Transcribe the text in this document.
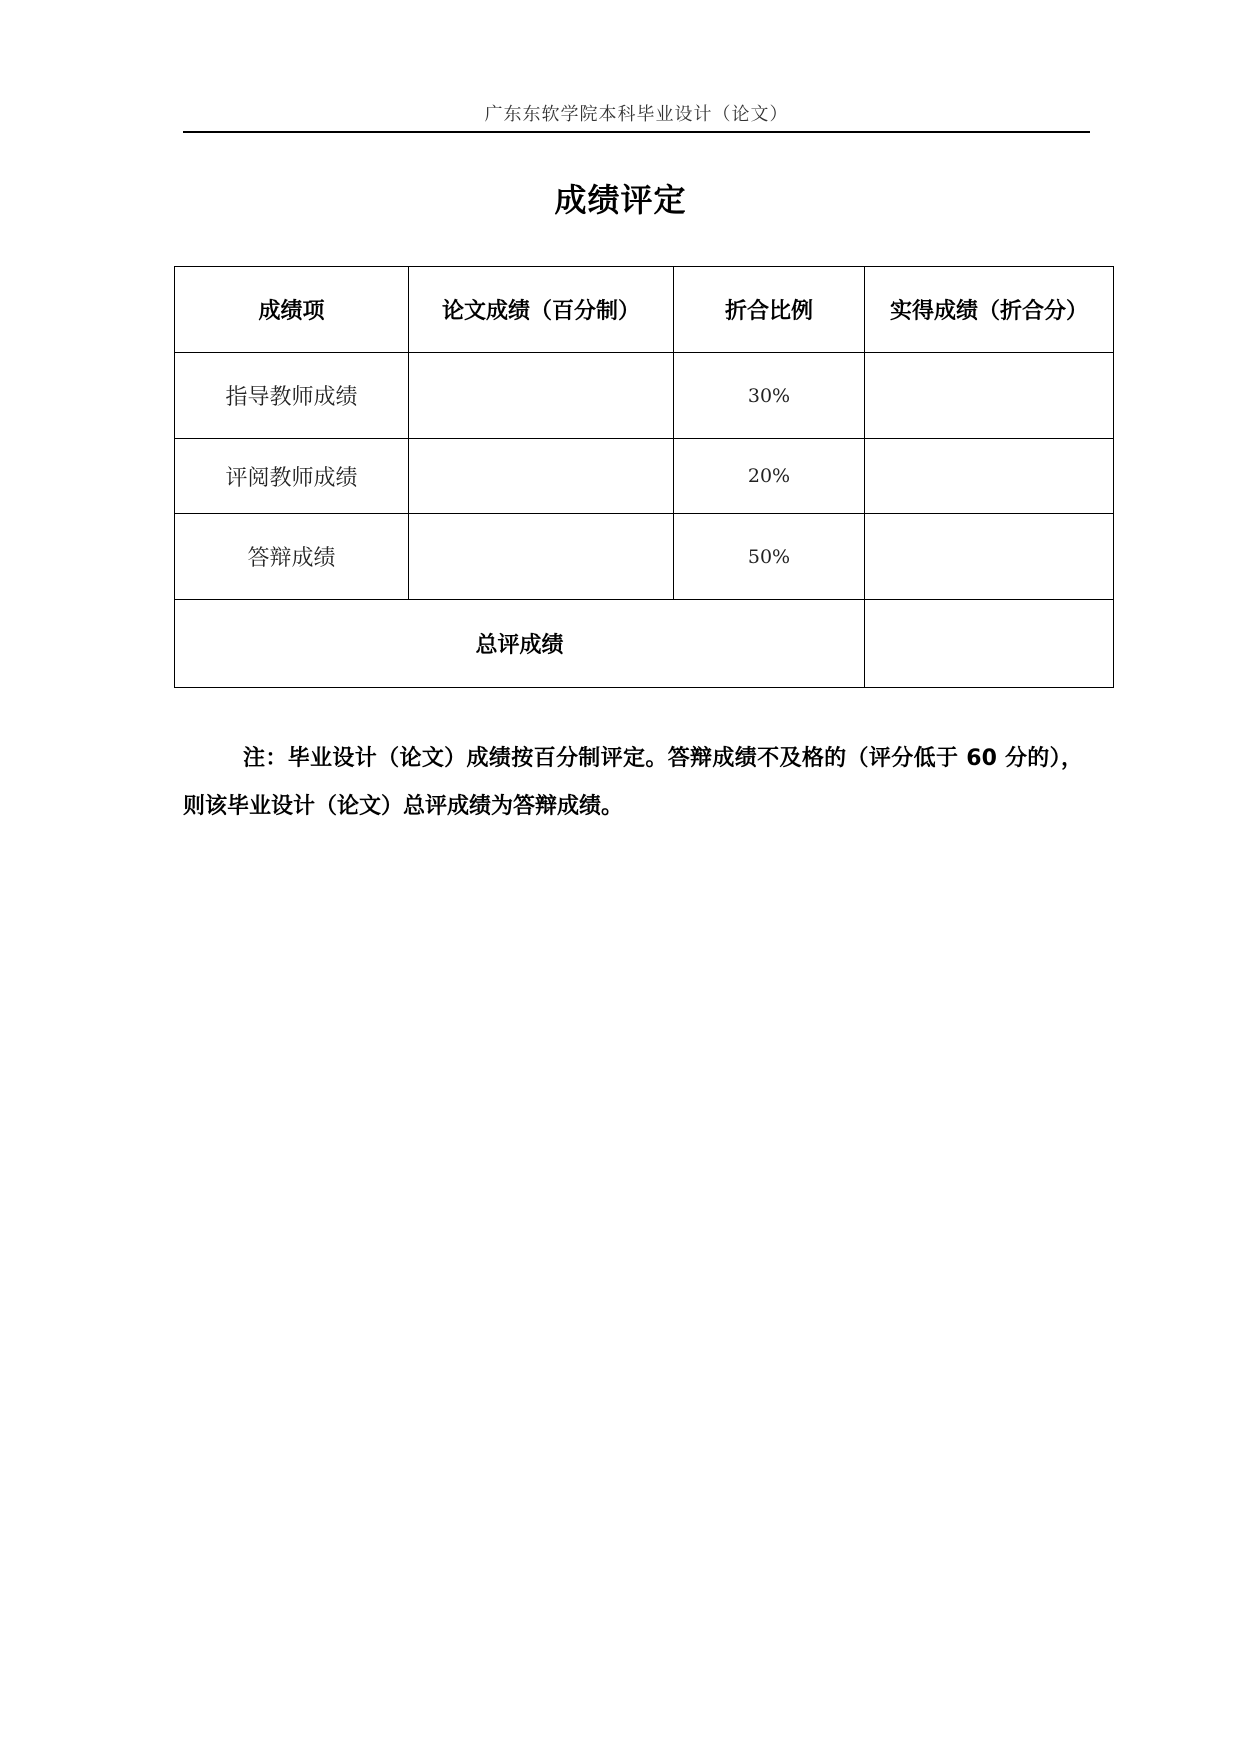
广东东软学院本科毕业设计（论文）
成绩评定
成绩项	论文成绩（百分制）	折合比例	实得成绩（折合分）
指导教师成绩		30%	
评阅教师成绩		20%	
答辩成绩		50%	
总评成绩			
注：毕业设计（论文）成绩按百分制评定。答辩成绩不及格的（评分低于 60 分的），则该毕业设计（论文）总评成绩为答辩成绩。
